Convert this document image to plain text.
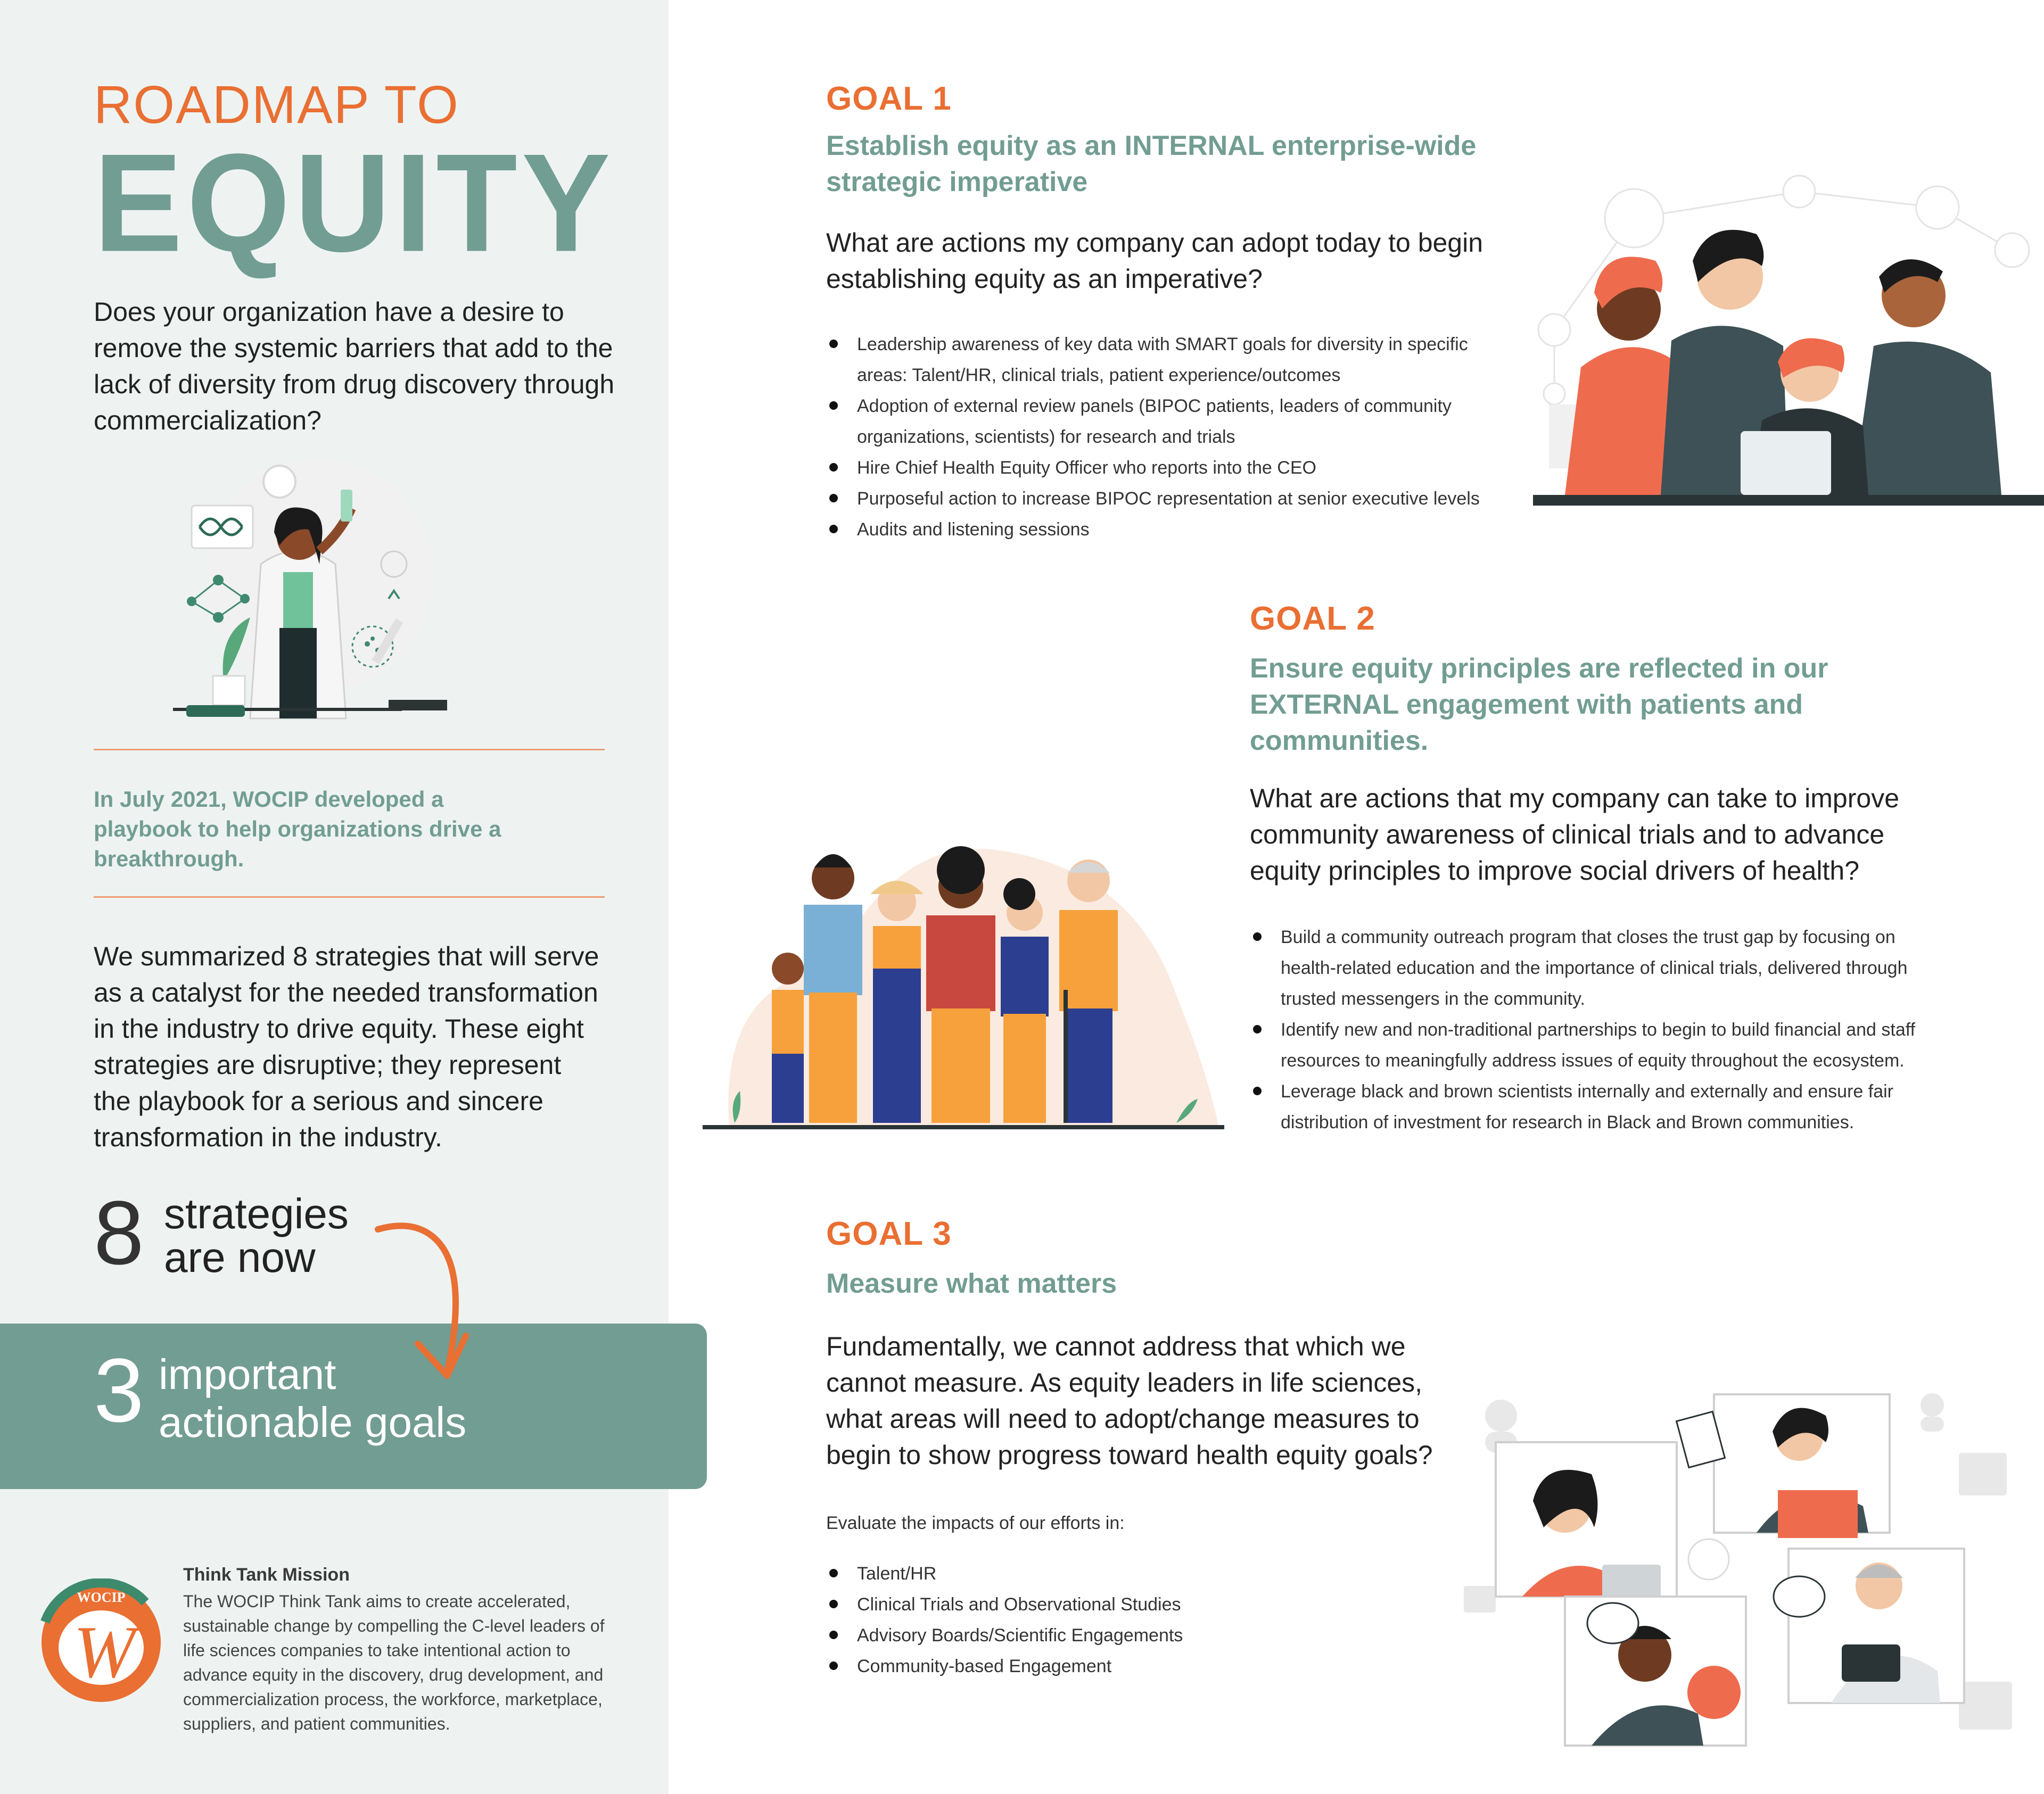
ROADMAP TO
EQUITY
Does your organization have a desire to remove the systemic barriers that add to the lack of diversity from drug discovery through commercialization?
In July 2021, WOCIP developed a playbook to help organizations drive a breakthrough.
We summarized 8 strategies that will serve as a catalyst for the needed transformation in the industry to drive equity. These eight strategies are disruptive; they represent the playbook for a serious and sincere transformation in the industry.
8 strategies
are now
3 important
actionable goals
WOCIP
W
Think Tank Mission
The WOCIP Think Tank aims to create accelerated, sustainable change by compelling the C-level leaders of life sciences companies to take intentional action to advance equity in the discovery, drug development, and commercialization process, the workforce, marketplace, suppliers, and patient communities.
GOAL 1
Establish equity as an INTERNAL enterprise-wide strategic imperative
What are actions my company can adopt today to begin establishing equity as an imperative?
Leadership awareness of key data with SMART goals for diversity in specific areas: Talent/HR, clinical trials, patient experience/outcomes
Adoption of external review panels (BIPOC patients, leaders of community organizations, scientists) for research and trials
Hire Chief Health Equity Officer who reports into the CEO
Purposeful action to increase BIPOC representation at senior executive levels
Audits and listening sessions
GOAL 2
Ensure equity principles are reflected in our EXTERNAL engagement with patients and communities.
What are actions that my company can take to improve community awareness of clinical trials and to advance equity principles to improve social drivers of health?
Build a community outreach program that closes the trust gap by focusing on health-related education and the importance of clinical trials, delivered through trusted messengers in the community.
Identify new and non-traditional partnerships to begin to build financial and staff resources to meaningfully address issues of equity throughout the ecosystem.
Leverage black and brown scientists internally and externally and ensure fair distribution of investment for research in Black and Brown communities.
GOAL 3
Measure what matters
Fundamentally, we cannot address that which we cannot measure. As equity leaders in life sciences, what areas will need to adopt/change measures to begin to show progress toward health equity goals?
Evaluate the impacts of our efforts in:
Talent/HR
Clinical Trials and Observational Studies
Advisory Boards/Scientific Engagements
Community-based Engagement
